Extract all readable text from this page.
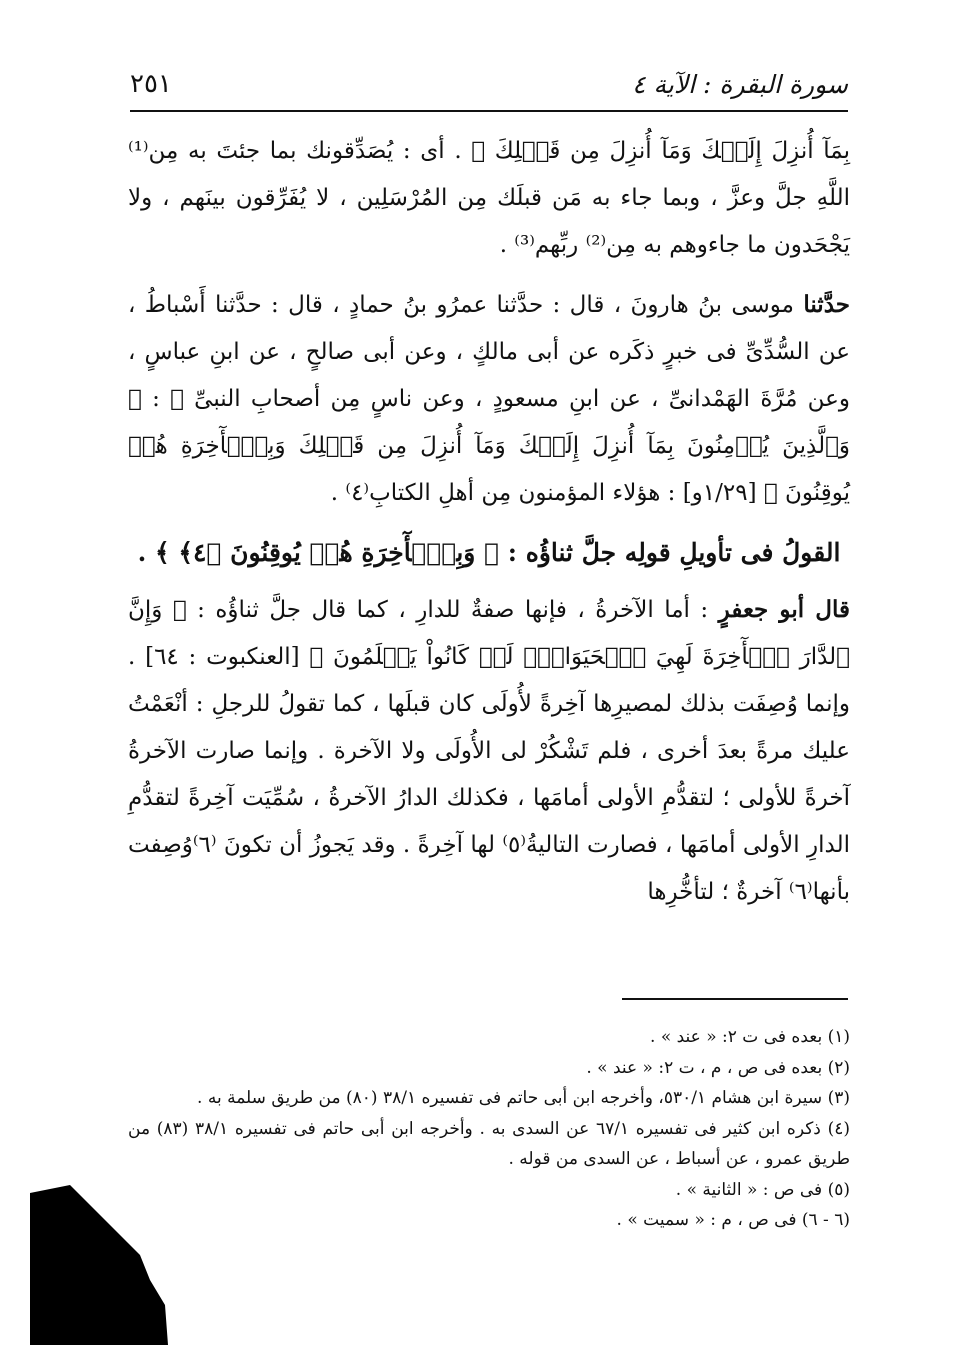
٢٥١	سورة البقرة : الآية ٤

بِمَآ أُنزِلَ إِلَيۡكَ وَمَآ أُنزِلَ مِن قَبۡلِكَ ﴾ . أى : يُصَدِّقونك بما جئتَ به مِن⁽¹⁾ اللَّهِ جلَّ وعزَّ ، وبما جاء به مَن قبلَك مِن المُرْسَلِين ، لا يُفَرِّقون بينَهم ، ولا يَجْحَدون ما جاءوهم به مِن⁽²⁾ ربِّهم⁽³⁾ .

حدَّثنا موسى بنُ هارونَ ، قال : حدَّثنا عمرُو بنُ حمادٍ ، قال : حدَّثنا أَسْباطُ ، عن السُّدِّىِّ فى خبرٍ ذكَره عن أبى مالكٍ ، وعن أبى صالحٍ ، عن ابنِ عباسٍ ، وعن مُرَّةَ الهَمْدانىِّ ، عن ابنِ مسعودٍ ، وعن ناسٍ مِن أصحابِ النبىِّ ﷺ : ﴿ وَٱلَّذِينَ يُؤۡمِنُونَ بِمَآ أُنزِلَ إِلَيۡكَ وَمَآ أُنزِلَ مِن قَبۡلِكَ وَبِٱلۡأٓخِرَةِ هُمۡ يُوقِنُونَ ﴾ [١/٢٩و] : هؤلاء المؤمنون مِن أهلِ الكتابِ⁽٤⁾ .

القولُ فى تأويلِ قولِه جلَّ ثناؤُه : ﴿ وَبِٱلۡأٓخِرَةِ هُمۡ يُوقِنُونَ ﴿٤﴾ ﴾ .

قال أبو جعفرٍ : أما الآخرةُ ، فإنها صفةٌ للدارِ ، كما قال جلَّ ثناؤُه : ﴿ وَإِنَّ ٱلدَّارَ ٱلۡأٓخِرَةَ لَهِيَ ٱلۡحَيَوَانُۚ لَوۡ كَانُواْ يَعۡلَمُونَ ﴾ [العنكبوت : ٦٤] . وإنما وُصِفَت بذلك لمصيرِها آخِرةً لأُولَى كان قبلَها ، كما تقولُ للرجلِ : أنْعَمْتُ عليك مرةً بعدَ أخرى ، فلم تَشْكُرْ لى الأُولَى ولا الآخرة . وإنما صارت الآخرةُ آخرةً للأولى ؛ لتقدُّمِ الأولى أمامَها ، فكذلك الدارُ الآخرةُ ، سُمِّيَت آخِرةً لتقدُّمِ الدارِ الأولى أمامَها ، فصارت التاليةُ⁽٥⁾ لها آخِرةً . وقد يَجوزُ أن تكونَ ⁽٦⁾وُصِفت بأنها⁽٦⁾ آخرةٌ ؛ لتأخُّرِها

(١) بعده فى ت ٢: « عند » .
(٢) بعده فى ص ، م ، ت ٢: « عند » .
(٣) سيرة ابن هشام ٥٣٠/١، وأخرجه ابن أبى حاتم فى تفسيره ٣٨/١ (٨٠) من طريق سلمة به .
(٤) ذكره ابن كثير فى تفسيره ٦٧/١ عن السدى به . وأخرجه ابن أبى حاتم فى تفسيره ٣٨/١ (٨٣) من طريق عمرو ، عن أسباط ، عن السدى من قوله .
(٥) فى ص : « الثانية » .
(٦ - ٦) فى ص ، م : « سميت » .
